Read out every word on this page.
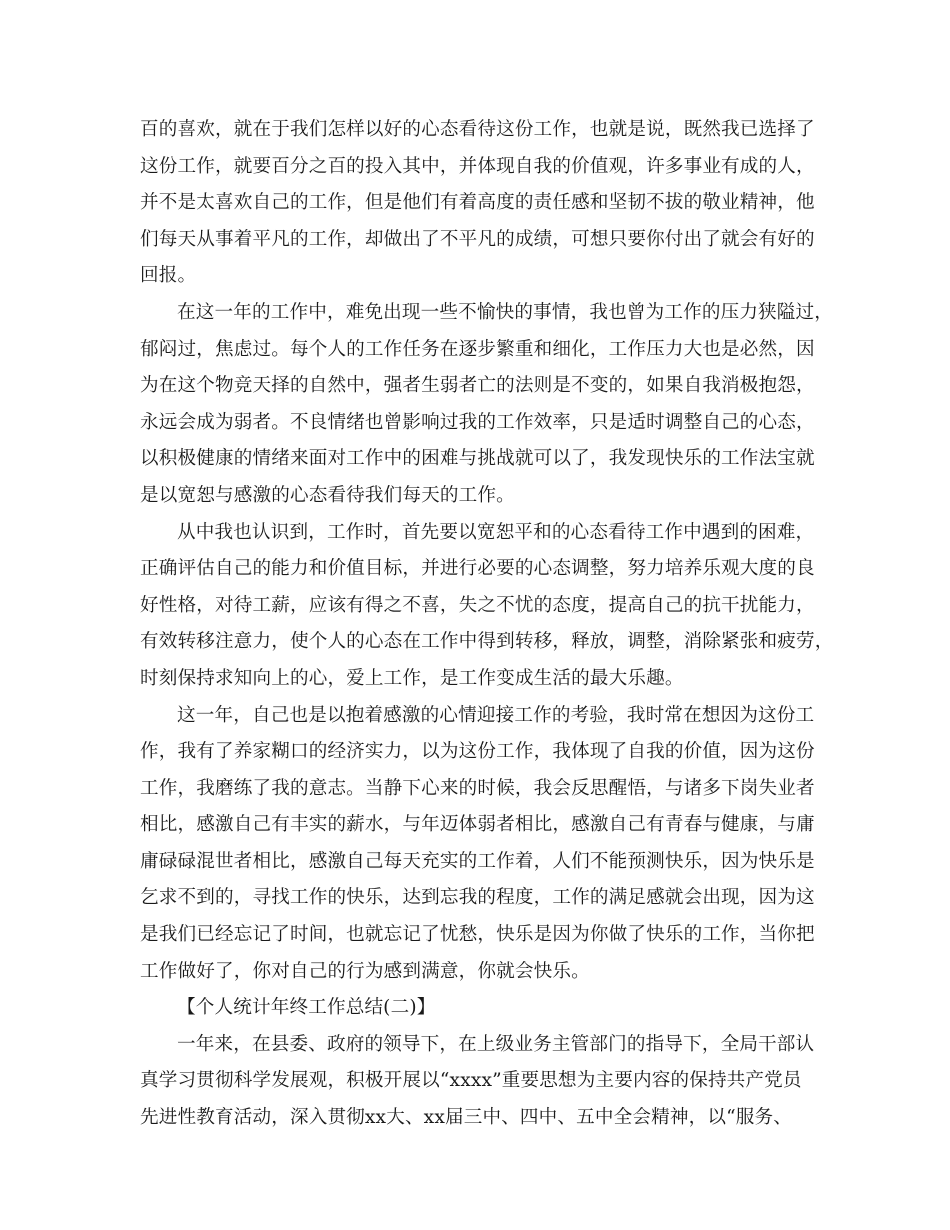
百的喜欢，就在于我们怎样以好的心态看待这份工作，也就是说，既然我已选择了
这份工作，就要百分之百的投入其中，并体现自我的价值观，许多事业有成的人，
并不是太喜欢自己的工作，但是他们有着高度的责任感和坚韧不拔的敬业精神，他
们每天从事着平凡的工作，却做出了不平凡的成绩，可想只要你付出了就会有好的
回报。
在这一年的工作中，难免出现一些不愉快的事情，我也曾为工作的压力狭隘过，
郁闷过，焦虑过。每个人的工作任务在逐步繁重和细化，工作压力大也是必然，因
为在这个物竞天择的自然中，强者生弱者亡的法则是不变的，如果自我消极抱怨，
永远会成为弱者。不良情绪也曾影响过我的工作效率，只是适时调整自己的心态，
以积极健康的情绪来面对工作中的困难与挑战就可以了，我发现快乐的工作法宝就
是以宽恕与感激的心态看待我们每天的工作。
从中我也认识到，工作时，首先要以宽恕平和的心态看待工作中遇到的困难，
正确评估自己的能力和价值目标，并进行必要的心态调整，努力培养乐观大度的良
好性格，对待工薪，应该有得之不喜，失之不忧的态度，提高自己的抗干扰能力，
有效转移注意力，使个人的心态在工作中得到转移，释放，调整，消除紧张和疲劳，
时刻保持求知向上的心，爱上工作，是工作变成生活的最大乐趣。
这一年，自己也是以抱着感激的心情迎接工作的考验，我时常在想因为这份工
作，我有了养家糊口的经济实力，以为这份工作，我体现了自我的价值，因为这份
工作，我磨练了我的意志。当静下心来的时候，我会反思醒悟，与诸多下岗失业者
相比，感激自己有丰实的薪水，与年迈体弱者相比，感激自己有青春与健康，与庸
庸碌碌混世者相比，感激自己每天充实的工作着，人们不能预测快乐，因为快乐是
乞求不到的，寻找工作的快乐，达到忘我的程度，工作的满足感就会出现，因为这
是我们已经忘记了时间，也就忘记了忧愁，快乐是因为你做了快乐的工作，当你把
工作做好了，你对自己的行为感到满意，你就会快乐。
【个人统计年终工作总结(二)】
一年来，在县委、政府的领导下，在上级业务主管部门的指导下，全局干部认
真学习贯彻科学发展观，积极开展以“xxxx”重要思想为主要内容的保持共产党员
先进性教育活动，深入贯彻xx大、xx届三中、四中、五中全会精神，以“服务、
